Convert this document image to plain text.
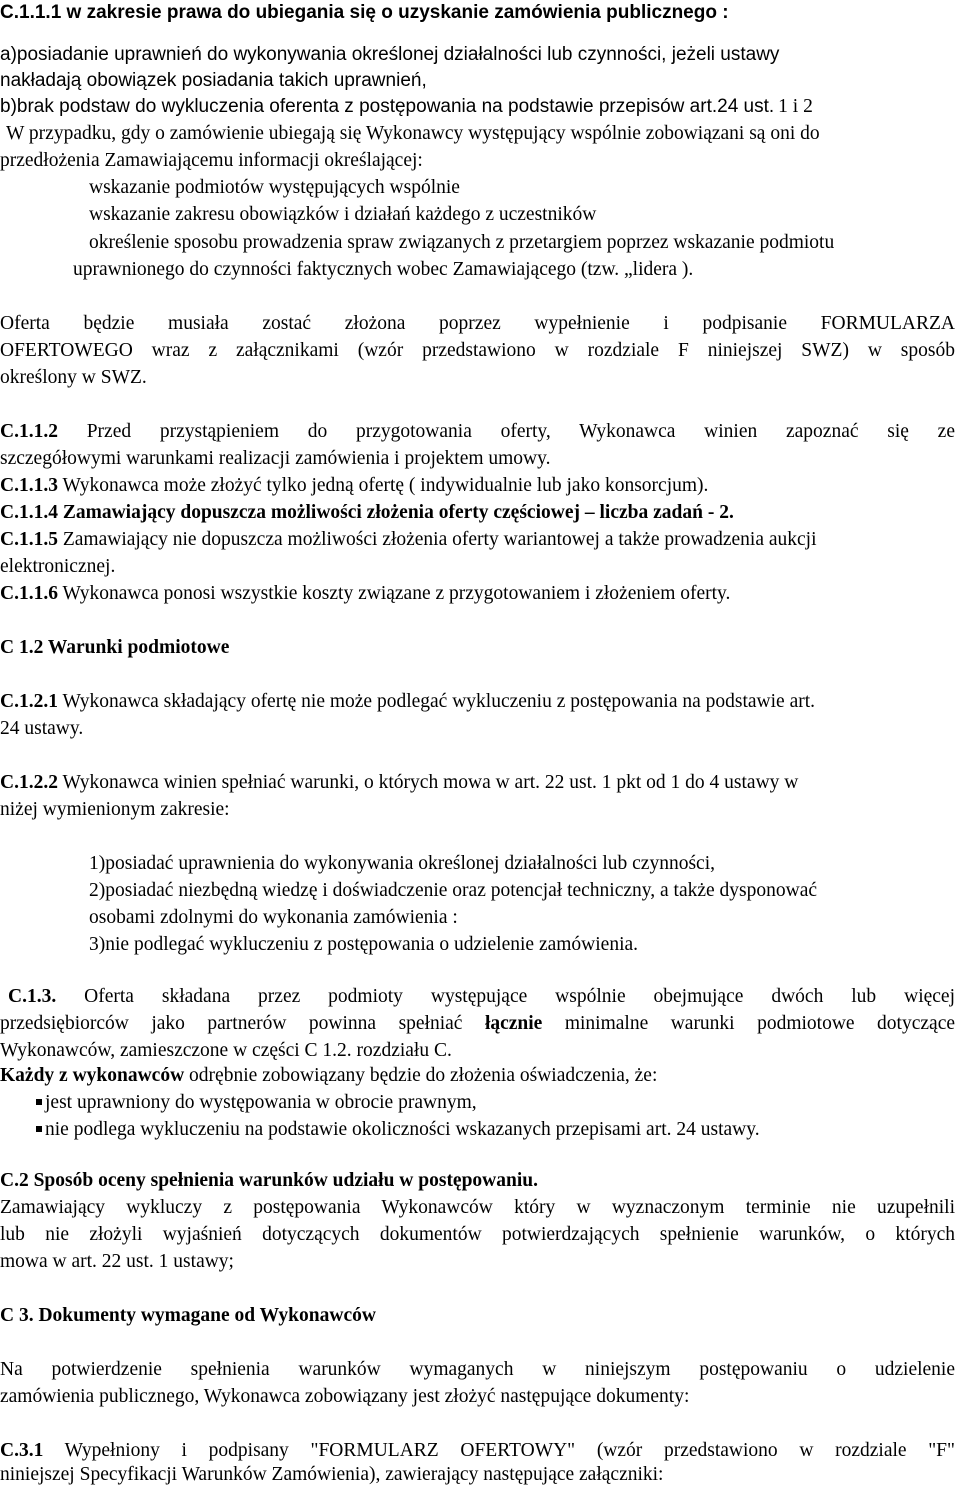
C.1.1.1 w zakresie prawa do ubiegania się o uzyskanie zamówienia publicznego :

a)posiadanie uprawnień do wykonywania określonej działalności lub czynności, jeżeli ustawy

nakładają obowiązek posiadania takich uprawnień,

b)brak podstaw do wykluczenia oferenta z postępowania na podstawie przepisów art.24 ust. 1 i 2

W przypadku, gdy o zamówienie ubiegają się Wykonawcy występujący wspólnie zobowiązani są oni do

przedłożenia Zamawiającemu informacji określającej:

wskazanie podmiotów występujących wspólnie

wskazanie zakresu obowiązków i działań każdego z uczestników

określenie sposobu prowadzenia spraw związanych z przetargiem poprzez wskazanie podmiotu

uprawnionego do czynności faktycznych wobec Zamawiającego (tzw. „lidera ).

Oferta będzie musiała zostać złożona poprzez wypełnienie i podpisanie FORMULARZA

OFERTOWEGO wraz z załącznikami (wzór przedstawiono w rozdziale F niniejszej SWZ) w sposób

określony w SWZ.

C.1.1.2 Przed przystąpieniem do przygotowania oferty, Wykonawca winien zapoznać się ze

szczegółowymi warunkami realizacji zamówienia i projektem umowy.

C.1.1.3 Wykonawca może złożyć tylko jedną ofertę ( indywidualnie lub jako konsorcjum).

C.1.1.4 Zamawiający dopuszcza możliwości złożenia oferty częściowej – liczba zadań - 2.

C.1.1.5 Zamawiający nie dopuszcza możliwości złożenia oferty wariantowej a także prowadzenia aukcji

elektronicznej.

C.1.1.6 Wykonawca ponosi wszystkie koszty związane z przygotowaniem i złożeniem oferty.

C 1.2 Warunki podmiotowe

C.1.2.1 Wykonawca składający ofertę nie może podlegać wykluczeniu z postępowania na podstawie art.

24 ustawy.

C.1.2.2 Wykonawca winien spełniać warunki, o których mowa w art. 22 ust. 1 pkt od 1 do 4 ustawy w

niżej wymienionym zakresie:

1)posiadać uprawnienia do wykonywania określonej działalności lub czynności,

2)posiadać niezbędną wiedzę i doświadczenie oraz potencjał techniczny, a także dysponować

osobami zdolnymi do wykonania zamówienia :

3)nie podlegać wykluczeniu z postępowania o udzielenie zamówienia.

C.1.3. Oferta składana przez podmioty występujące wspólnie obejmujące dwóch lub więcej

przedsiębiorców jako partnerów powinna spełniać łącznie minimalne warunki podmiotowe dotyczące

Wykonawców, zamieszczone w części C 1.2. rozdziału C.

Każdy z wykonawców odrębnie zobowiązany będzie do złożenia oświadczenia, że:

jest uprawniony do występowania w obrocie prawnym,

nie podlega wykluczeniu na podstawie okoliczności wskazanych przepisami art. 24 ustawy.

C.2 Sposób oceny spełnienia warunków udziału w postępowaniu.

Zamawiający wykluczy z postępowania Wykonawców który w wyznaczonym terminie nie uzupełnili

lub nie złożyli wyjaśnień dotyczących dokumentów potwierdzających spełnienie warunków, o których

mowa w art. 22 ust. 1 ustawy;

C 3. Dokumenty wymagane od Wykonawców

Na potwierdzenie spełnienia warunków wymaganych w niniejszym postępowaniu o udzielenie

zamówienia publicznego, Wykonawca zobowiązany jest złożyć następujące dokumenty:

C.3.1 Wypełniony i podpisany "FORMULARZ OFERTOWY" (wzór przedstawiono w rozdziale "F"

niniejszej Specyfikacji Warunków Zamówienia), zawierający następujące załączniki:
